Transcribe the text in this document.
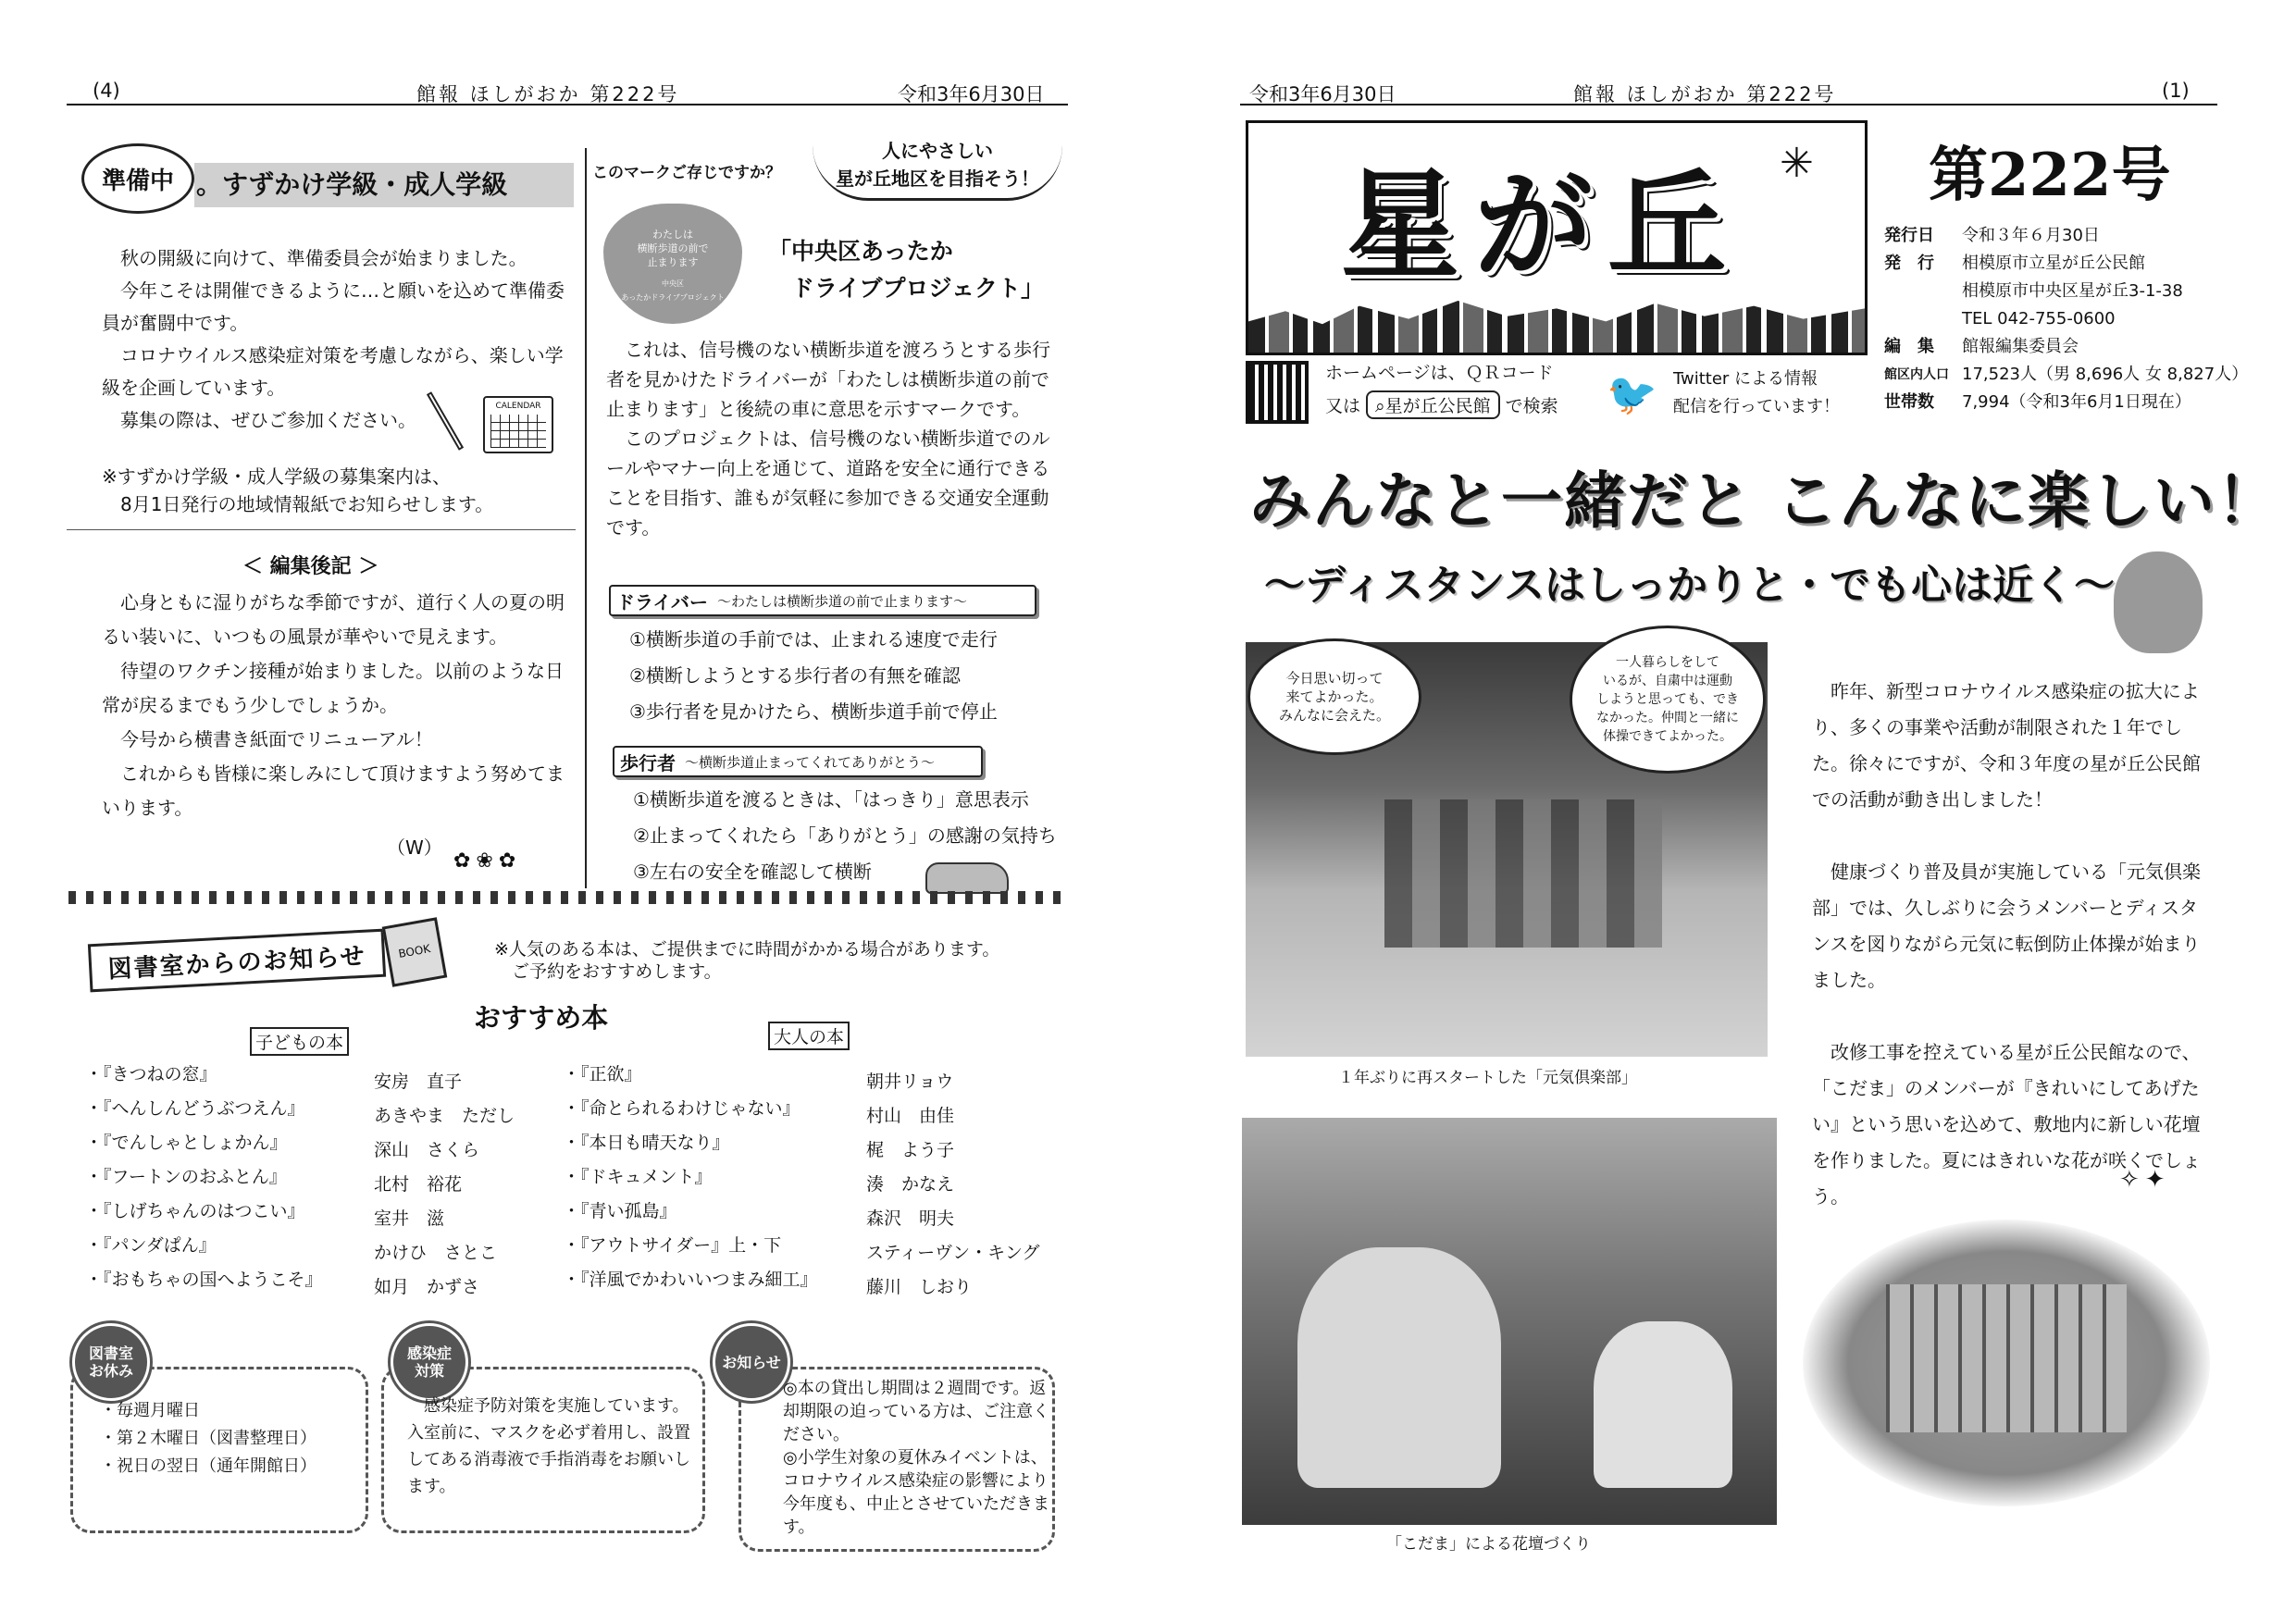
(4)	館報 ほしがおか 第222号	令和3年6月30日
準備中 。すずかけ学級・成人学級

秋の開級に向けて、準備委員会が始まりました。

今年こそは開催できるように…と願いを込めて準備委員が奮闘中です。

コロナウイルス感染症対策を考慮しながら、楽しい学級を企画しています。

募集の際は、ぜひご参加ください。

CALENDAR
※すずかけ学級・成人学級の募集案内は、
　8月1日発行の地域情報紙でお知らせします。
＜ 編集後記 ＞

心身ともに湿りがちな季節ですが、道行く人の夏の明るい装いに、いつもの風景が華やいで見えます。

待望のワクチン接種が始まりました。以前のような日常が戻るまでもう少しでしょうか。

今号から横書き紙面でリニューアル！

これからも皆様に楽しみにして頂けますよう努めてまいります。

（W）
✿❀✿
このマークご存じですか？
人にやさしい
星が丘地区を目指そう！
わたしは
横断歩道の前で
止まります
中央区
あったかドライブプロジェクト
「中央区あったか
　ドライブプロジェクト」

これは、信号機のない横断歩道を渡ろうとする歩行者を見かけたドライバーが「わたしは横断歩道の前で止まります」と後続の車に意思を示すマークです。

このプロジェクトは、信号機のない横断歩道でのルールやマナー向上を通じて、道路を安全に通行できることを目指す、誰もが気軽に参加できる交通安全運動です。

ドライバー ～わたしは横断歩道の前で止まります～
①横断歩道の手前では、止まれる速度で走行
②横断しようとする歩行者の有無を確認
③歩行者を見かけたら、横断歩道手前で停止
歩行者 ～横断歩道止まってくれてありがとう～
①横断歩道を渡るときは、「はっきり」意思表示
②止まってくれたら「ありがとう」の感謝の気持ち
③左右の安全を確認して横断
図書室からのお知らせ	BOOK	※人気のある本は、ご提供までに時間がかかる場合があります。
　ご予約をおすすめします。
おすすめ本
子どもの本	大人の本
・『きつねの窓』	安房　直子
・『へんしんどうぶつえん』	あきやま　ただし
・『でんしゃとしょかん』	深山　さくら
・『フートンのおふとん』	北村　裕花
・『しげちゃんのはつこい』	室井　滋
・『パンダぱん』	かけひ　さとこ
・『おもちゃの国へようこそ』	如月　かずさ
・『正欲』	朝井リョウ
・『命とられるわけじゃない』	村山　由佳
・『本日も晴天なり』	梶　よう子
・『ドキュメント』	湊　かなえ
・『青い孤島』	森沢　明夫
・『アウトサイダー』上・下	スティーヴン・キング
・『洋風でかわいいつまみ細工』	藤川　しおり
図書室
お休み
・毎週月曜日
・第２木曜日（図書整理日）
・祝日の翌日（通年開館日）
感染症
対策
感染症予防対策を実施しています。
入室前に、マスクを必ず着用し、設置してある消毒液で手指消毒をお願いします。
お知らせ
◎本の貸出し期間は２週間です。返却期限の迫っている方は、ご注意ください。
◎小学生対象の夏休みイベントは、コロナウイルス感染症の影響により今年度も、中止とさせていただきます。
令和3年6月30日	館報 ほしがおか 第222号	(1)
星が丘 ✳ 第222号
発行日	令和３年６月30日
発　行	相模原市立星が丘公民館
相模原市中央区星が丘3-1-38
TEL 042-755-0600
編　集	館報編集委員会
館区内人口 17,523人（男 8,696人 女 8,827人）
世帯数	7,994（令和3年6月1日現在）
ホームページは、ＱＲコード
又は ⌕星が丘公民館 で検索 🐦 Twitter による情報
配信を行っています！
みんなと一緒だと こんなに楽しい！
～ディスタンスはしっかりと・でも心は近く～
今日思い切って
来てよかった。
みんなに会えた。
一人暮らしをして
いるが、自粛中は運動
しようと思っても、でき
なかった。仲間と一緒に
体操できてよかった。
１年ぶりに再スタートした「元気倶楽部」
「こだま」による花壇づくり

昨年、新型コロナウイルス感染症の拡大により、多くの事業や活動が制限された１年でした。徐々にですが、令和３年度の星が丘公民館での活動が動き出しました！

健康づくり普及員が実施している「元気倶楽部」では、久しぶりに会うメンバーとディスタンスを図りながら元気に転倒防止体操が始まりました。

改修工事を控えている星が丘公民館なので、「こだま」のメンバーが『きれいにしてあげたい』という思いを込めて、敷地内に新しい花壇を作りました。夏にはきれいな花が咲くでしょう。

✧✦
